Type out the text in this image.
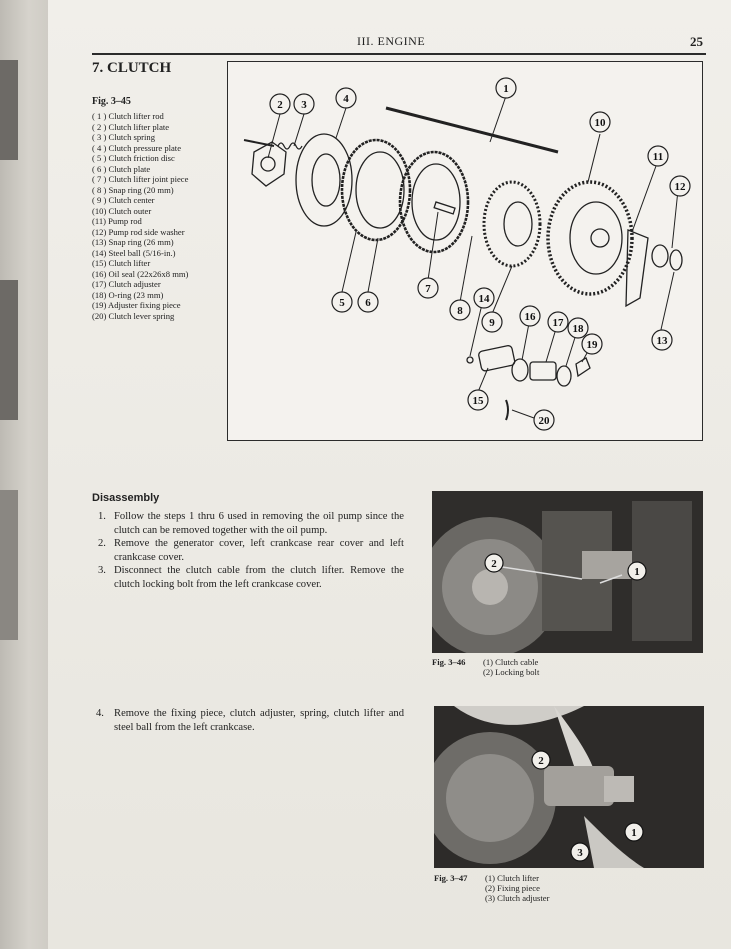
III. ENGINE	25
7. CLUTCH
Fig. 3–45
( 1 ) Clutch lifter rod
( 2 ) Clutch lifter plate
( 3 ) Clutch spring
( 4 ) Clutch pressure plate
( 5 ) Clutch friction disc
( 6 ) Clutch plate
( 7 ) Clutch lifter joint piece
( 8 ) Snap ring (20 mm)
( 9 ) Clutch center
(10) Clutch outer
(11) Pump rod
(12) Pump rod side washer
(13) Snap ring (26 mm)
(14) Steel ball (5/16-in.)
(15) Clutch lifter
(16) Oil seal (22x26x8 mm)
(17) Clutch adjuster
(18) O-ring (23 mm)
(19) Adjuster fixing piece
(20) Clutch lever spring
1
2 3	4
5 6
7
8
9
10
11
12
13
14
15
16 17 18
19
20
Disassembly
1. Follow the steps 1 thru 6 used in removing the oil pump since the clutch can be removed together with the oil pump.
2. Remove the generator cover, left crankcase rear cover and left crankcase cover.
3. Disconnect the clutch cable from the clutch lifter. Remove the clutch locking bolt from the left crankcase cover.
4. Remove the fixing piece, clutch adjuster, spring, clutch lifter and steel ball from the left crankcase.
2
1
Fig. 3–46 (1) Clutch cable
(2) Locking bolt
2
1
3
Fig. 3–47 (1) Clutch lifter
(2) Fixing piece
(3) Clutch adjuster
